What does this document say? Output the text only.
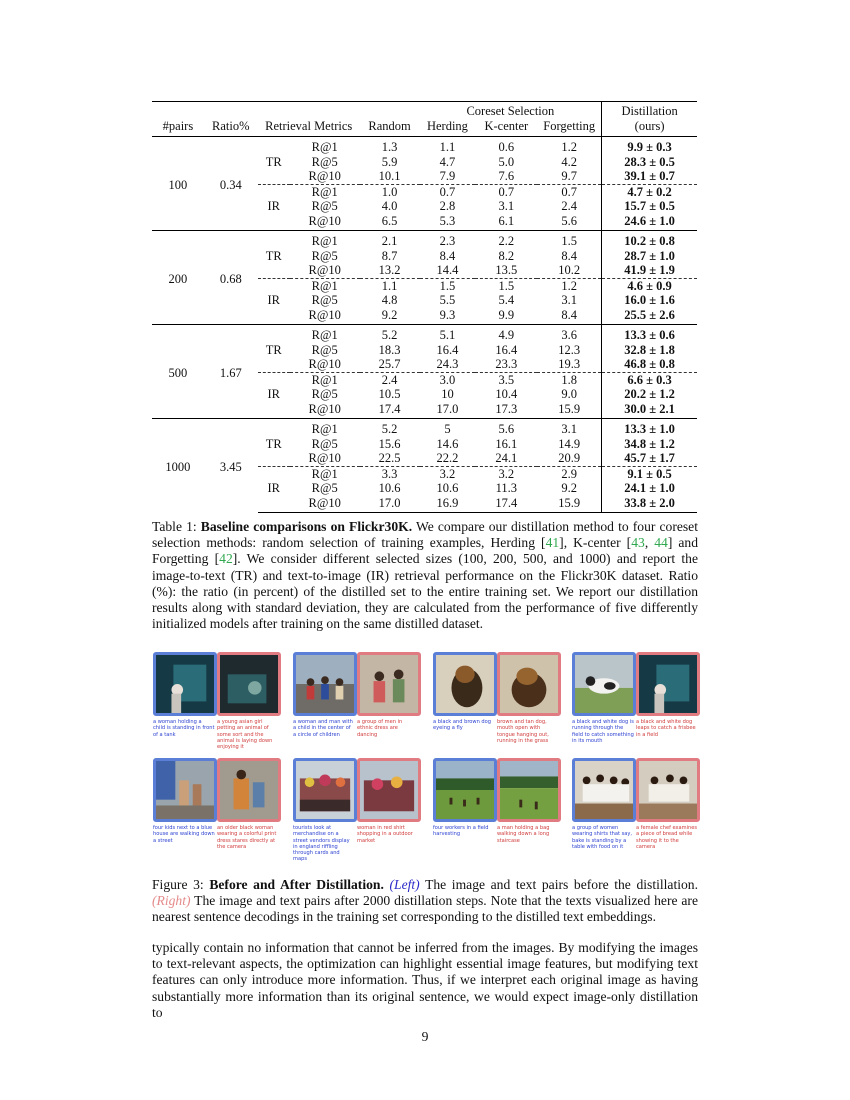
					Coreset Selection			Distillation
#pairs	Ratio%	Retrieval Metrics		Random	Herding	K-center	Forgetting	(ours)
100	0.34		R@1	1.3	1.1	0.6	1.2	9.9 ± 0.3
		TR	R@5	5.9	4.7	5.0	4.2	28.3 ± 0.5
			R@10	10.1	7.9	7.6	9.7	39.1 ± 0.7
			R@1	1.0	0.7	0.7	0.7	4.7 ± 0.2
		IR	R@5	4.0	2.8	3.1	2.4	15.7 ± 0.5
			R@10	6.5	5.3	6.1	5.6	24.6 ± 1.0
200	0.68		R@1	2.1	2.3	2.2	1.5	10.2 ± 0.8
		TR	R@5	8.7	8.4	8.2	8.4	28.7 ± 1.0
			R@10	13.2	14.4	13.5	10.2	41.9 ± 1.9
			R@1	1.1	1.5	1.5	1.2	4.6 ± 0.9
		IR	R@5	4.8	5.5	5.4	3.1	16.0 ± 1.6
			R@10	9.2	9.3	9.9	8.4	25.5 ± 2.6
500	1.67		R@1	5.2	5.1	4.9	3.6	13.3 ± 0.6
		TR	R@5	18.3	16.4	16.4	12.3	32.8 ± 1.8
			R@10	25.7	24.3	23.3	19.3	46.8 ± 0.8
			R@1	2.4	3.0	3.5	1.8	6.6 ± 0.3
		IR	R@5	10.5	10	10.4	9.0	20.2 ± 1.2
			R@10	17.4	17.0	17.3	15.9	30.0 ± 2.1
1000	3.45		R@1	5.2	5	5.6	3.1	13.3 ± 1.0
		TR	R@5	15.6	14.6	16.1	14.9	34.8 ± 1.2
			R@10	22.5	22.2	24.1	20.9	45.7 ± 1.7
			R@1	3.3	3.2	3.2	2.9	9.1 ± 0.5
		IR	R@5	10.6	10.6	11.3	9.2	24.1 ± 1.0
			R@10	17.0	16.9	17.4	15.9	33.8 ± 2.0

Table 1: Baseline comparisons on Flickr30K. We compare our distillation method to four coreset selection methods: random selection of training examples, Herding [41], K-center [43, 44] and Forgetting [42]. We consider different selected sizes (100, 200, 500, and 1000) and report the image-to-text (TR) and text-to-image (IR) retrieval performance on the Flickr30K dataset. Ratio (%): the ratio (in percent) of the distilled set to the entire training set. We report our distillation results along with standard deviation, they are calculated from the performance of five differently initialized models after training on the same distilled dataset.

a woman holding a child is standing in front of a tank
a young asian girl petting an animal of some sort and the animal is laying down enjoying it
a woman and man with a child in the center of a circle of children
a group of men in ethnic dress are dancing
a black and brown dog eyeing a fly
brown and tan dog, mouth open with tongue hanging out, running in the grass
a black and white dog is running through the field to catch something in its mouth
a black and white dog leaps to catch a frisbee in a field
four kids next to a blue house are walking down a street
an older black woman wearing a colorful print dress stares directly at the camera
tourists look at merchandise on a street vendors display in england riffling through cards and maps
woman in red shirt shopping in a outdoor market
four workers in a field harvesting
a man holding a bag walking down a long staircase
a group of women wearing shirts that say, bake is standing by a table with food on it
a female chef examines a piece of bread while showing it to the camera

Figure 3: Before and After Distillation. (Left) The image and text pairs before the distillation. (Right) The image and text pairs after 2000 distillation steps. Note that the texts visualized here are nearest sentence decodings in the training set corresponding to the distilled text embeddings.

typically contain no information that cannot be inferred from the images. By modifying the images to text-relevant aspects, the optimization can highlight essential image features, but modifying text features can only introduce more information. Thus, if we interpret each original image as having substantially more information than its original sentence, we would expect image-only distillation to

9
